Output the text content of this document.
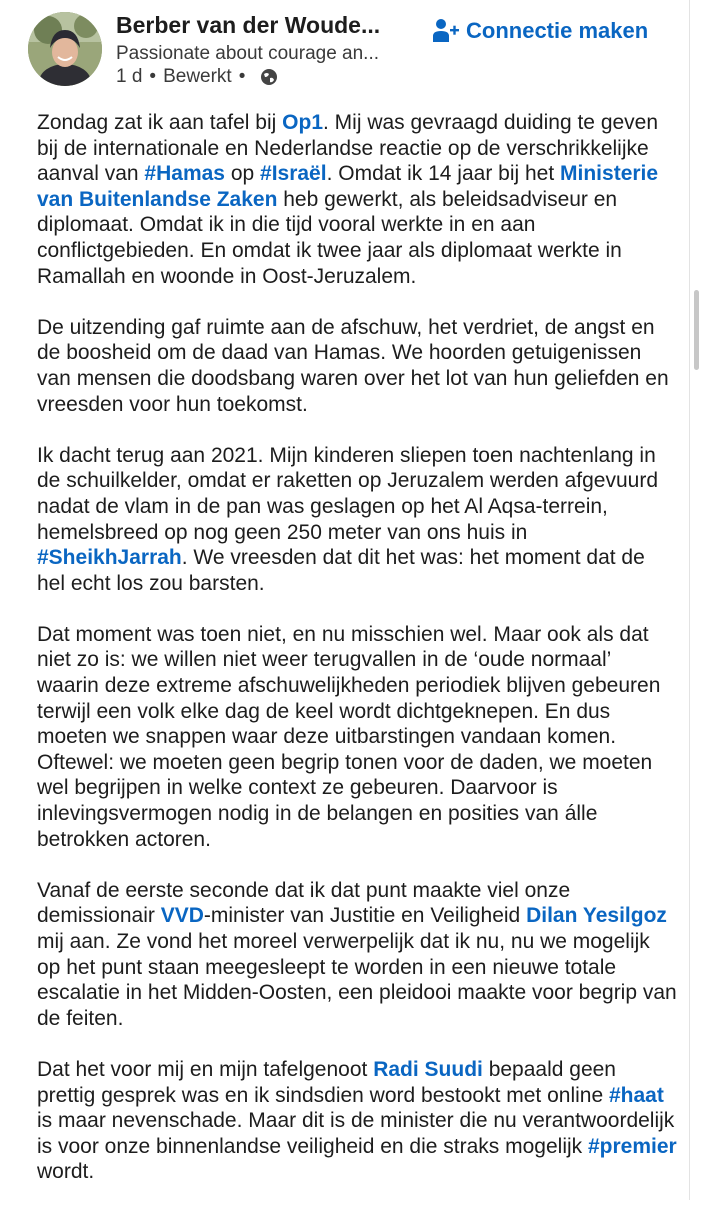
Berber van der Woude...
Passionate about courage an...
1 d • Bewerkt •
Connectie maken

Zondag zat ik aan tafel bij Op1. Mij was gevraagd duiding te geven bij de internationale en Nederlandse reactie op de verschrikkelijke aanval van #Hamas op #Israël. Omdat ik 14 jaar bij het Ministerie van Buitenlandse Zaken heb gewerkt, als beleidsadviseur en diplomaat. Omdat ik in die tijd vooral werkte in en aan conflictgebieden. En omdat ik twee jaar als diplomaat werkte in Ramallah en woonde in Oost-Jeruzalem.

De uitzending gaf ruimte aan de afschuw, het verdriet, de angst en de boosheid om de daad van Hamas. We hoorden getuigenissen van mensen die doodsbang waren over het lot van hun geliefden en vreesden voor hun toekomst.

Ik dacht terug aan 2021. Mijn kinderen sliepen toen nachtenlang in de schuilkelder, omdat er raketten op Jeruzalem werden afgevuurd nadat de vlam in de pan was geslagen op het Al Aqsa-terrein, hemelsbreed op nog geen 250 meter van ons huis in #SheikhJarrah. We vreesden dat dit het was: het moment dat de hel echt los zou barsten.

Dat moment was toen niet, en nu misschien wel. Maar ook als dat niet zo is: we willen niet weer terugvallen in de ‘oude normaal’ waarin deze extreme afschuwelijkheden periodiek blijven gebeuren terwijl een volk elke dag de keel wordt dichtgeknepen. En dus moeten we snappen waar deze uitbarstingen vandaan komen. Oftewel: we moeten geen begrip tonen voor de daden, we moeten wel begrijpen in welke context ze gebeuren. Daarvoor is inlevingsvermogen nodig in de belangen en posities van álle betrokken actoren.

Vanaf de eerste seconde dat ik dat punt maakte viel onze demissionair VVD-minister van Justitie en Veiligheid Dilan Yesilgoz mij aan. Ze vond het moreel verwerpelijk dat ik nu, nu we mogelijk op het punt staan meegesleept te worden in een nieuwe totale escalatie in het Midden-Oosten, een pleidooi maakte voor begrip van de feiten.

Dat het voor mij en mijn tafelgenoot Radi Suudi bepaald geen prettig gesprek was en ik sindsdien word bestookt met online #haat is maar nevenschade. Maar dit is de minister die nu verantwoordelijk is voor onze binnenlandse veiligheid en die straks mogelijk #premier wordt.
